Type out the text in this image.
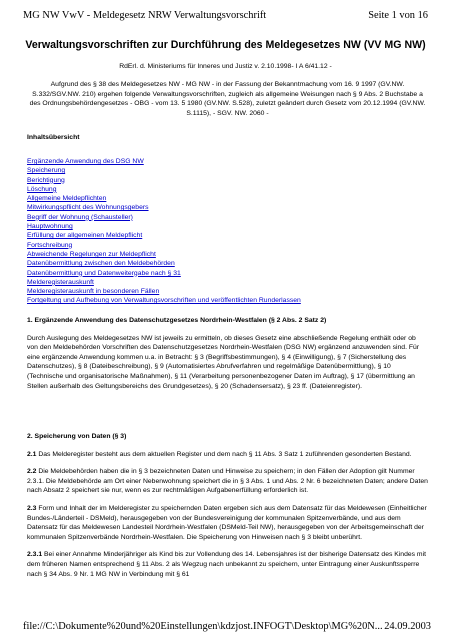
MG NW VwV - Meldegesetz NRW Verwaltungsvorschrift	Seite 1 von 16
Verwaltungsvorschriften zur Durchführung des Meldegesetzes NW (VV MG NW)
RdErl. d. Ministeriums für Inneres und Justiz v. 2.10.1998- I A 6/41.12 -
Aufgrund des § 38 des Meldegesetzes NW - MG NW - in der Fassung der Bekanntmachung vom 16. 9 1997 (GV.NW. S.332/SGV.NW. 210) ergehen folgende Verwaltungsvorschriften, zugleich als allgemeine Weisungen nach § 9 Abs. 2 Buchstabe a des Ordnungsbehördengesetzes - OBG - vom 13. 5 1980 (GV.NW. S.528), zuletzt geändert durch Gesetz vom 20.12.1994 (GV.NW. S.1115), - SGV. NW. 2060 -
Inhaltsübersicht
Ergänzende Anwendung des DSG NW
Speicherung
Berichtigung
Löschung
Allgemeine Meldepflichten
Mitwirkungspflicht des Wohnungsgebers
Begriff der Wohnung (Schausteller)
Hauptwohnung
Erfüllung der allgemeinen Meldepflicht
Fortschreibung
Abweichende Regelungen zur Meldepflicht
Datenübermittlung zwischen den Meldebehörden
Datenübermittlung und Datenweitergabe nach § 31
Melderegisterauskunft
Melderegisterauskunft in besonderen Fällen
Fortgeltung und Aufhebung von Verwaltungsvorschriften und veröffentlichten Runderlassen
1. Ergänzende Anwendung des Datenschutzgesetzes Nordrhein-Westfalen (§ 2 Abs. 2 Satz 2)

Durch Auslegung des Meldegesetzes NW ist jeweils zu ermitteln, ob dieses Gesetz eine abschließende Regelung enthält oder ob von den Meldebehörden Vorschriften des Datenschutzgesetzes Nordrhein-Westfalen (DSG NW) ergänzend anzuwenden sind. Für eine ergänzende Anwendung kommen u.a. in Betracht: § 3 (Begriffsbestimmungen), § 4 (Einwilligung), § 7 (Sicherstellung des Datenschutzes), § 8 (Dateibeschreibung), § 9 (Automatisiertes Abrufverfahren und regelmäßige Datenübermittlung), § 10 (Technische und organisatorische Maßnahmen), § 11 (Verarbeitung personenbezogener Daten im Auftrag), § 17 (übermittlung an Stellen außerhalb des Geltungsbereichs des Grundgesetzes), § 20 (Schadensersatz), § 23 ff. (Dateienregister).

2. Speicherung von Daten (§ 3)

2.1 Das Melderegister besteht aus dem aktuellen Register und dem nach § 11 Abs. 3 Satz 1 zuführenden gesonderten Bestand.

2.2 Die Meldebehörden haben die in § 3 bezeichneten Daten und Hinweise zu speichern; in den Fällen der Adoption gilt Nummer 2.3.1. Die Meldebehörde am Ort einer Nebenwohnung speichert die in § 3 Abs. 1 und Abs. 2 Nr. 6 bezeichneten Daten; andere Daten nach Absatz 2 speichert sie nur, wenn es zur rechtmäßigen Aufgabenerfüllung erforderlich ist.

2.3 Form und Inhalt der im Melderegister zu speichernden Daten ergeben sich aus dem Datensatz für das Meldewesen (Einheitlicher Bundes-/Länderteil - DSMeld), herausgegeben von der Bundesvereinigung der kommunalen Spitzenverbände, und aus dem Datensatz für das Meldewesen Landesteil Nordrhein-Westfalen (DSMeld-Teil NW), herausgegeben von der Arbeitsgemeinschaft der kommunalen Spitzenverbände Nordrhein-Westfalen. Die Speicherung von Hinweisen nach § 3 bleibt unberührt.

2.3.1 Bei einer Annahme Minderjähriger als Kind bis zur Vollendung des 14. Lebensjahres ist der bisherige Datensatz des Kindes mit dem früheren Namen entsprechend § 11 Abs. 2 als Wegzug nach unbekannt zu speichern, unter Eintragung einer Auskunftssperre nach § 34 Abs. 9 Nr. 1 MG NW in Verbindung mit § 61

file://C:\Dokumente%20und%20Einstellungen\kdzjost.INFOGT\Desktop\MG%20N... 24.09.2003
